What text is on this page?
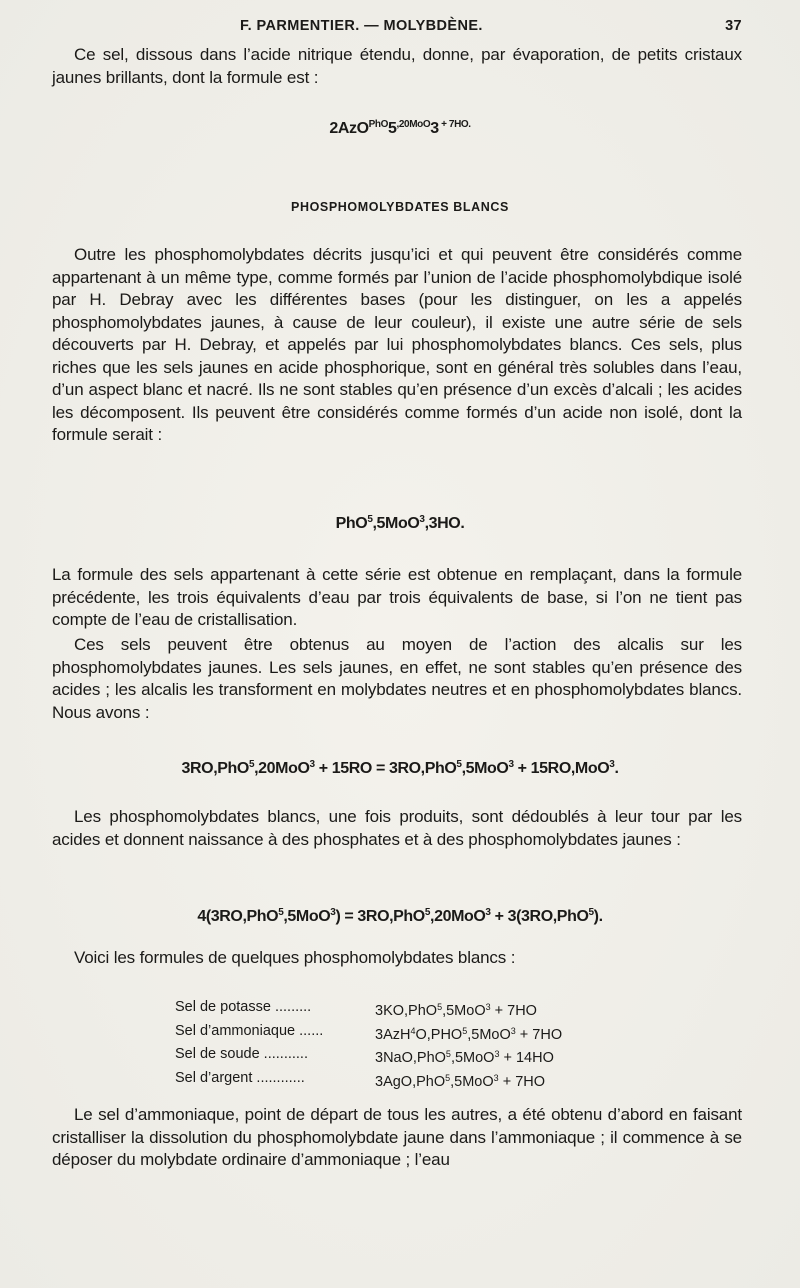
F. PARMENTIER. — MOLYBDÈNE.	37
Ce sel, dissous dans l’acide nitrique étendu, donne, par évaporation, de petits cristaux jaunes brillants, dont la formule est :
$2AzO^{PhO}5^{,20MoO}3$ $^{+ 7HO.}$
PHOSPHOMOLYBDATES BLANCS
Outre les phosphomolybdates décrits jusqu’ici et qui peuvent être considérés comme appartenant à un même type, comme formés par l’union de l’acide phosphomolybdique isolé par H. Debray avec les différentes bases (pour les distinguer, on les a appelés phosphomolybdates jaunes, à cause de leur couleur), il existe une autre série de sels découverts par H. Debray, et appelés par lui phosphomolybdates blancs. Ces sels, plus riches que les sels jaunes en acide phosphorique, sont en général très solubles dans l’eau, d’un aspect blanc et nacré. Ils ne sont stables qu’en présence d’un excès d’alcali ; les acides les décomposent. Ils peuvent être considérés comme formés d’un acide non isolé, dont la formule serait :
PhO$^5$,5MoO$^3$,3HO.
La formule des sels appartenant à cette série est obtenue en remplaçant, dans la formule précédente, les trois équivalents d’eau par trois équivalents de base, si l’on ne tient pas compte de l’eau de cristallisation.
Ces sels peuvent être obtenus au moyen de l’action des alcalis sur les phosphomolybdates jaunes. Les sels jaunes, en effet, ne sont stables qu’en présence des acides ; les alcalis les transforment en molybdates neutres et en phosphomolybdates blancs. Nous avons :
3RO,PhO$^5$,20MoO$^3$ + 15RO = 3RO,PhO$^5$,5MoO$^3$ + 15RO,MoO$^3$.
Les phosphomolybdates blancs, une fois produits, sont dédoublés à leur tour par les acides et donnent naissance à des phosphates et à des phosphomolybdates jaunes :
4(3RO,PhO$^5$,5MoO$^3$) = 3RO,PhO$^5$,20MoO$^3$ + 3(3RO,PhO$^5$).
Voici les formules de quelques phosphomolybdates blancs :
Sel de potasse .........	3KO,PhO$^5$,5MoO$^3$ + 7HO
Sel d’ammoniaque ......	$3AzH^4O,PHO^5,5MoO^3 + 7HO$
Sel de soude ...........	3NaO,PhO$^5$,5MoO$^3$ + 14HO
Sel d’argent ............	3AgO,PhO$^5$,5MoO$^3$ + 7HO
Le sel d’ammoniaque, point de départ de tous les autres, a été obtenu d’abord en faisant cristalliser la dissolution du phosphomolybdate jaune dans l’ammoniaque ; il commence à se déposer du molybdate ordinaire d’ammoniaque ; l’eau
